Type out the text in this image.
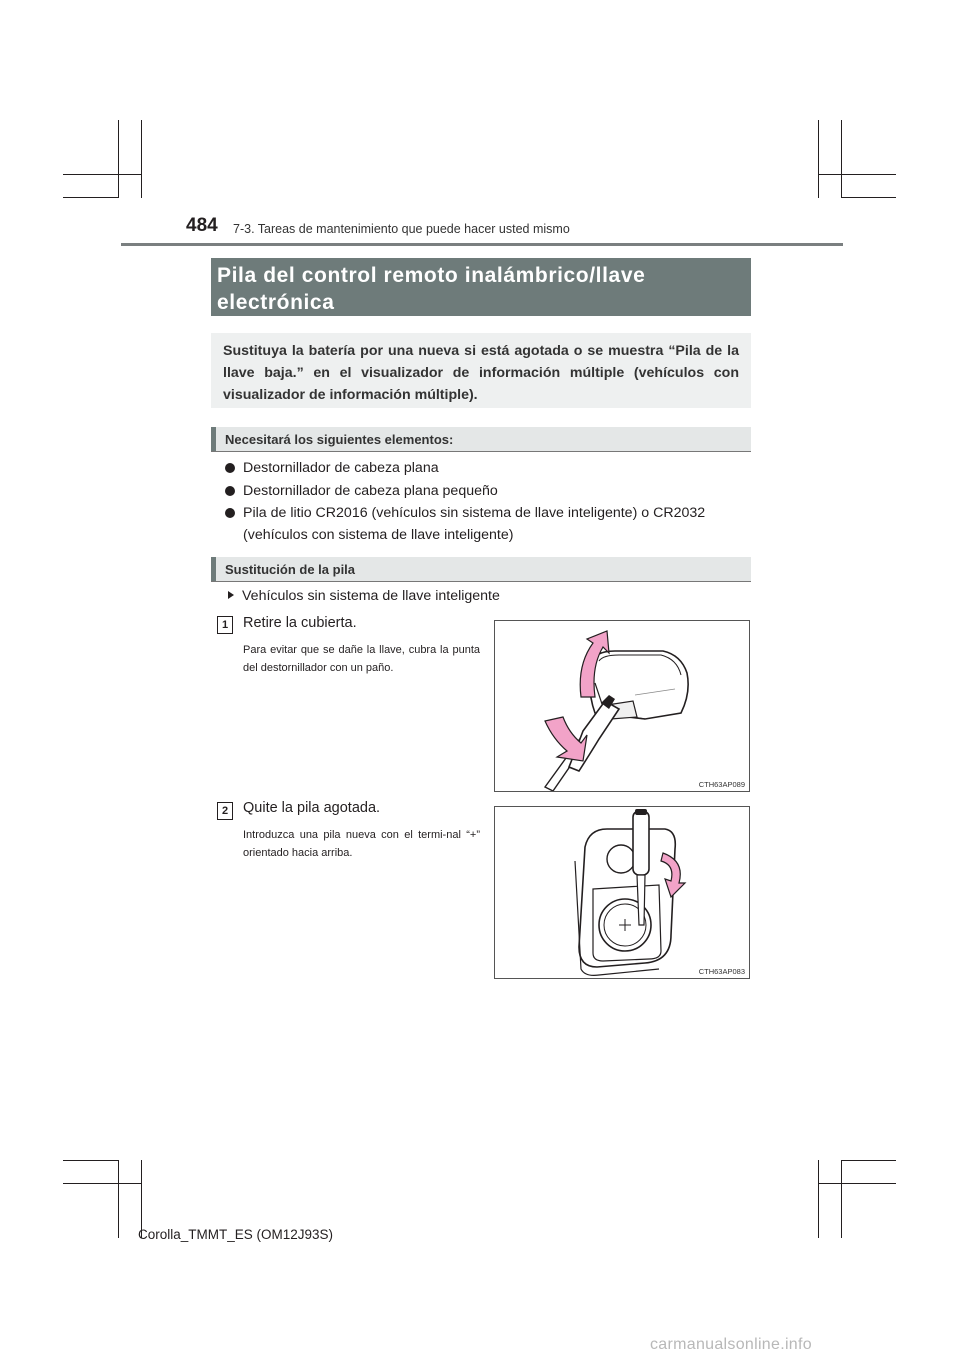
484 7-3. Tareas de mantenimiento que puede hacer usted mismo
Pila del control remoto inalámbrico/llave
electrónica
Sustituya la batería por una nueva si está agotada o se muestra “Pila de la llave baja.” en el visualizador de información múltiple (vehículos con visualizador de información múltiple).
Necesitará los siguientes elementos:
Destornillador de cabeza plana
Destornillador de cabeza plana pequeño
Pila de litio CR2016 (vehículos sin sistema de llave inteligente) o CR2032 (vehículos con sistema de llave inteligente)
Sustitución de la pila
Vehículos sin sistema de llave inteligente
1	Retire la cubierta.
Para evitar que se dañe la llave, cubra la punta del destornillador con un paño.
CTH63AP089
2	Quite la pila agotada.
Introduzca una pila nueva con el termi-nal “+” orientado hacia arriba.
CTH63AP083
Corolla_TMMT_ES (OM12J93S)
carmanualsonline.info
